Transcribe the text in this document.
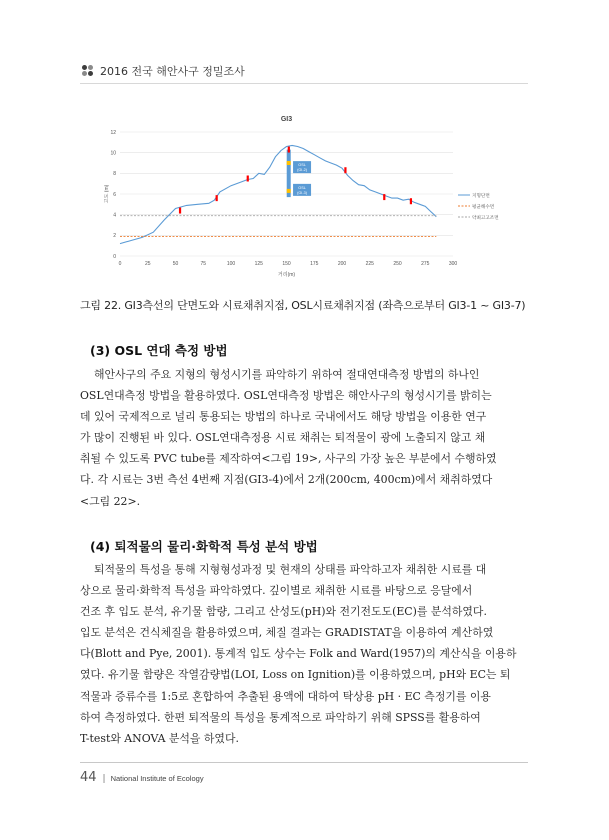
2016 전국 해안사구 정밀조사
0
2
4
6
8
10
12
0	25	50	75	100	125	150	175	200	225	250	275	300
거리(m)
고도 (m)
GI3
OSL
(GI-2)
OSL
(GI-3)	지형단면
평균해수면
약최고고조면
그림 22. GI3측선의 단면도와 시료채취지점, OSL시료채취지점 (좌측으로부터 GI3-1 ~ GI3-7)
(3) OSL 연대 측정 방법
해안사구의 주요 지형의 형성시기를 파악하기 위하여 절대연대측정 방법의 하나인
OSL연대측정 방법을 활용하였다. OSL연대측정 방법은 해안사구의 형성시기를 밝히는
데 있어 국제적으로 널리 통용되는 방법의 하나로 국내에서도 해당 방법을 이용한 연구
가 많이 진행된 바 있다. OSL연대측정용 시료 채취는 퇴적물이 광에 노출되지 않고 채
취될 수 있도록 PVC tube를 제작하여<그림 19>, 사구의 가장 높은 부분에서 수행하였
다. 각 시료는 3번 측선 4번째 지점(GI3-4)에서 2개(200cm, 400cm)에서 채취하였다
<그림 22>.
(4) 퇴적물의 물리·화학적 특성 분석 방법
퇴적물의 특성을 통해 지형형성과정 및 현재의 상태를 파악하고자 채취한 시료를 대
상으로 물리·화학적 특성을 파악하였다. 깊이별로 채취한 시료를 바탕으로 응달에서
건조 후 입도 분석, 유기물 함량, 그리고 산성도(pH)와 전기전도도(EC)를 분석하였다.
입도 분석은 건식체질을 활용하였으며, 체질 결과는 GRADISTAT을 이용하여 계산하였
다(Blott and Pye, 2001). 통계적 입도 상수는 Folk and Ward(1957)의 계산식을 이용하
였다. 유기물 함량은 작열감량법(LOI, Loss on Ignition)를 이용하였으며, pH와 EC는 퇴
적물과 증류수를 1:5로 혼합하여 추출된 용액에 대하여 탁상용 pH · EC 측정기를 이용
하여 측정하였다. 한편 퇴적물의 특성을 통계적으로 파악하기 위해 SPSS를 활용하여
T-test와 ANOVA 분석을 하였다.
44 | National Institute of Ecology
